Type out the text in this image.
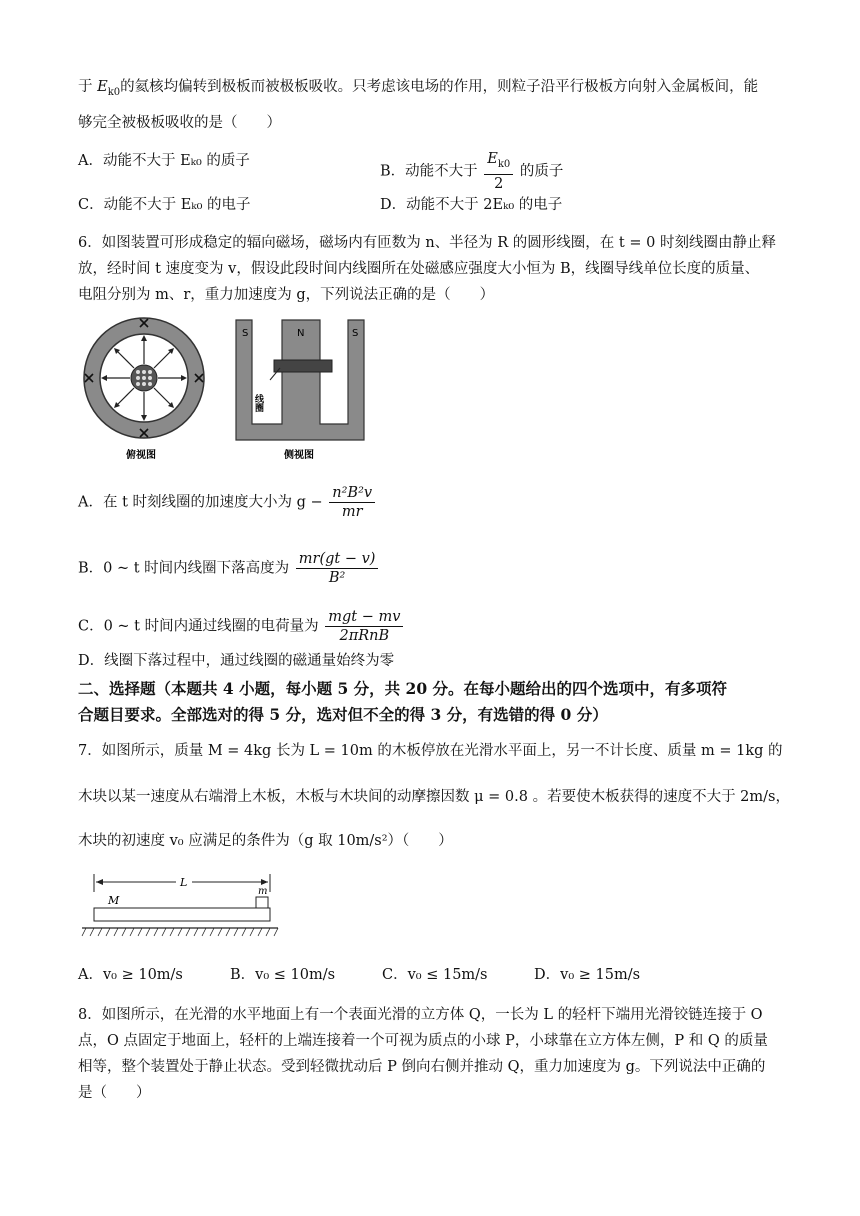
于 $E_{k0}$的氦核均偏转到极板而被极板吸收。只考虑该电场的作用，则粒子沿平行极板方向射入金属板间，能
够完全被极板吸收的是（　　）
A．动能不大于 Eₖ₀ 的质子
B．动能不大于 $\frac{E_{k0}}{2}$ 的质子
C．动能不大于 Eₖ₀ 的电子	D．动能不大于 2Eₖ₀ 的电子
6．如图装置可形成稳定的辐向磁场，磁场内有匝数为 n、半径为 R 的圆形线圈，在 t = 0 时刻线圈由静止释
放，经时间 t 速度变为 v，假设此段时间内线圈所在处磁感应强度大小恒为 B，线圈导线单位长度的质量、
电阻分别为 m、r，重力加速度为 g，下列说法正确的是（　　）
俯视图
S	N	S
线圈
侧视图
A．在 t 时刻线圈的加速度大小为 $g - \frac{\text{n²B²v}}{mr}$
B．0 ~ t 时间内线圈下落高度为 $\frac{mr(gt - v)}{\text{B²}}$
C．0 ~ t 时间内通过线圈的电荷量为 $\frac{\text{mgt − mv}}{\text{2πRnB}}$
D．线圈下落过程中，通过线圈的磁通量始终为零
二、选择题（本题共 4 小题，每小题 5 分，共 20 分。在每小题给出的四个选项中，有多项符
合题目要求。全部选对的得 5 分，选对但不全的得 3 分，有选错的得 0 分）
7．如图所示，质量 M = 4kg 长为 L = 10m 的木板停放在光滑水平面上，另一不计长度、质量 m = 1kg 的
木块以某一速度从右端滑上木板，木板与木块间的动摩擦因数 μ = 0.8 。若要使木板获得的速度不大于 2m/s，
木块的初速度 v₀ 应满足的条件为（g 取 10m/s²）（　　）
L
m
M
A．v₀ ≥ 10m/s	B．v₀ ≤ 10m/s	C．v₀ ≤ 15m/s	D．v₀ ≥ 15m/s
8．如图所示，在光滑的水平地面上有一个表面光滑的立方体 Q，一长为 L 的轻杆下端用光滑铰链连接于 O
点，O 点固定于地面上，轻杆的上端连接着一个可视为质点的小球 P，小球靠在立方体左侧，P 和 Q 的质量
相等，整个装置处于静止状态。受到轻微扰动后 P 倒向右侧并推动 Q，重力加速度为 g。下列说法中正确的
是（　　）
